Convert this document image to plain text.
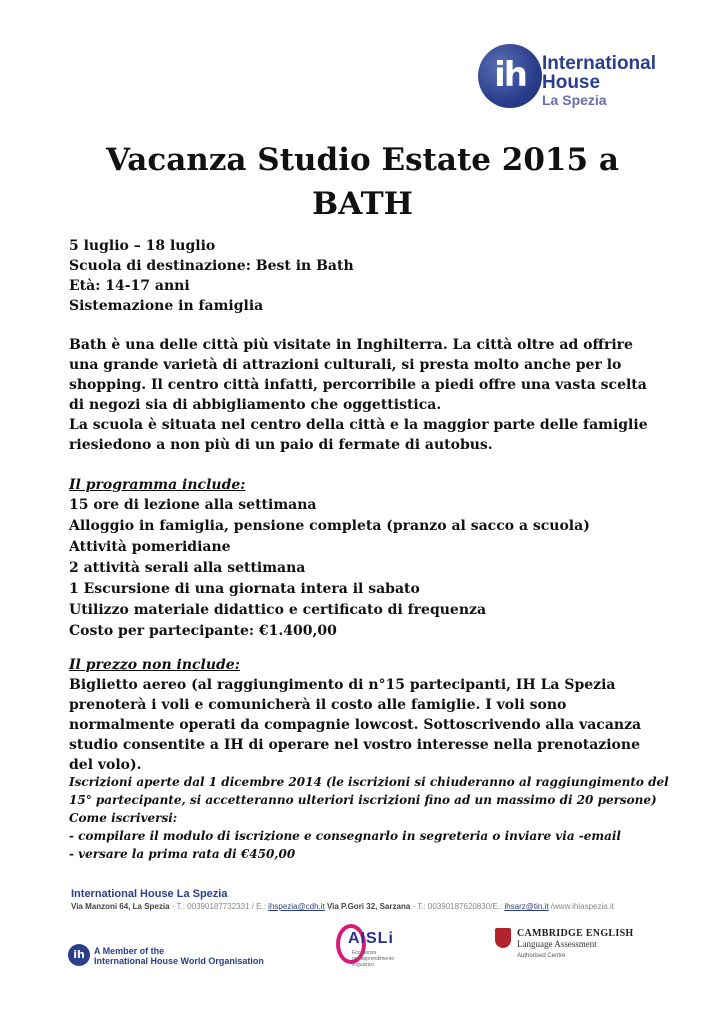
ih International
House
La Spezia
Vacanza Studio Estate 2015 a
BATH
5 luglio – 18 luglio
Scuola di destinazione: Best in Bath
Età: 14-17 anni
Sistemazione in famiglia
Bath è una delle città più visitate in Inghilterra. La città oltre ad offrire una grande varietà di attrazioni culturali, si presta molto anche per lo shopping. Il centro città infatti, percorribile a piedi offre una vasta scelta di negozi sia di abbigliamento che oggettistica.
La scuola è situata nel centro della città e la maggior parte delle famiglie riesiedono a non più di un paio di fermate di autobus.
Il programma include:
15 ore di lezione alla settimana
Alloggio in famiglia, pensione completa (pranzo al sacco a scuola)
Attività pomeridiane
2 attività serali alla settimana
1 Escursione di una giornata intera il sabato
Utilizzo materiale didattico e certificato di frequenza
Costo per partecipante: €1.400,00
Il prezzo non include:
Biglietto aereo (al raggiungimento di n°15 partecipanti, IH La Spezia prenoterà i voli e comunicherà il costo alle famiglie. I voli sono normalmente operati da compagnie lowcost. Sottoscrivendo alla vacanza studio consentite a IH di operare nel vostro interesse nella prenotazione del volo).
Iscrizioni aperte dal 1 dicembre 2014 (le iscrizioni si chiuderanno al raggiungimento del
15° partecipante, si accetteranno ulteriori iscrizioni fino ad un massimo di 20 persone)
Come iscriversi:
- compilare il modulo di iscrizione e consegnarlo in segreteria o inviare via -email
- versare la prima rata di €450,00
International House La Spezia
Via Manzoni 64, La Spezia - T.: 00390187732331 / E.: ihspezia@cdh.it Via P.Gori 32, Sarzana - T.: 00390187620830/E.: ihsarz@tin.it /www.ihlaspezia.it
ih	A Member of the
International House World Organisation
AISLi
Eccellenza nell'apprendimento linguistico
CAMBRIDGE ENGLISH
Language Assessment
Authorised Centre
